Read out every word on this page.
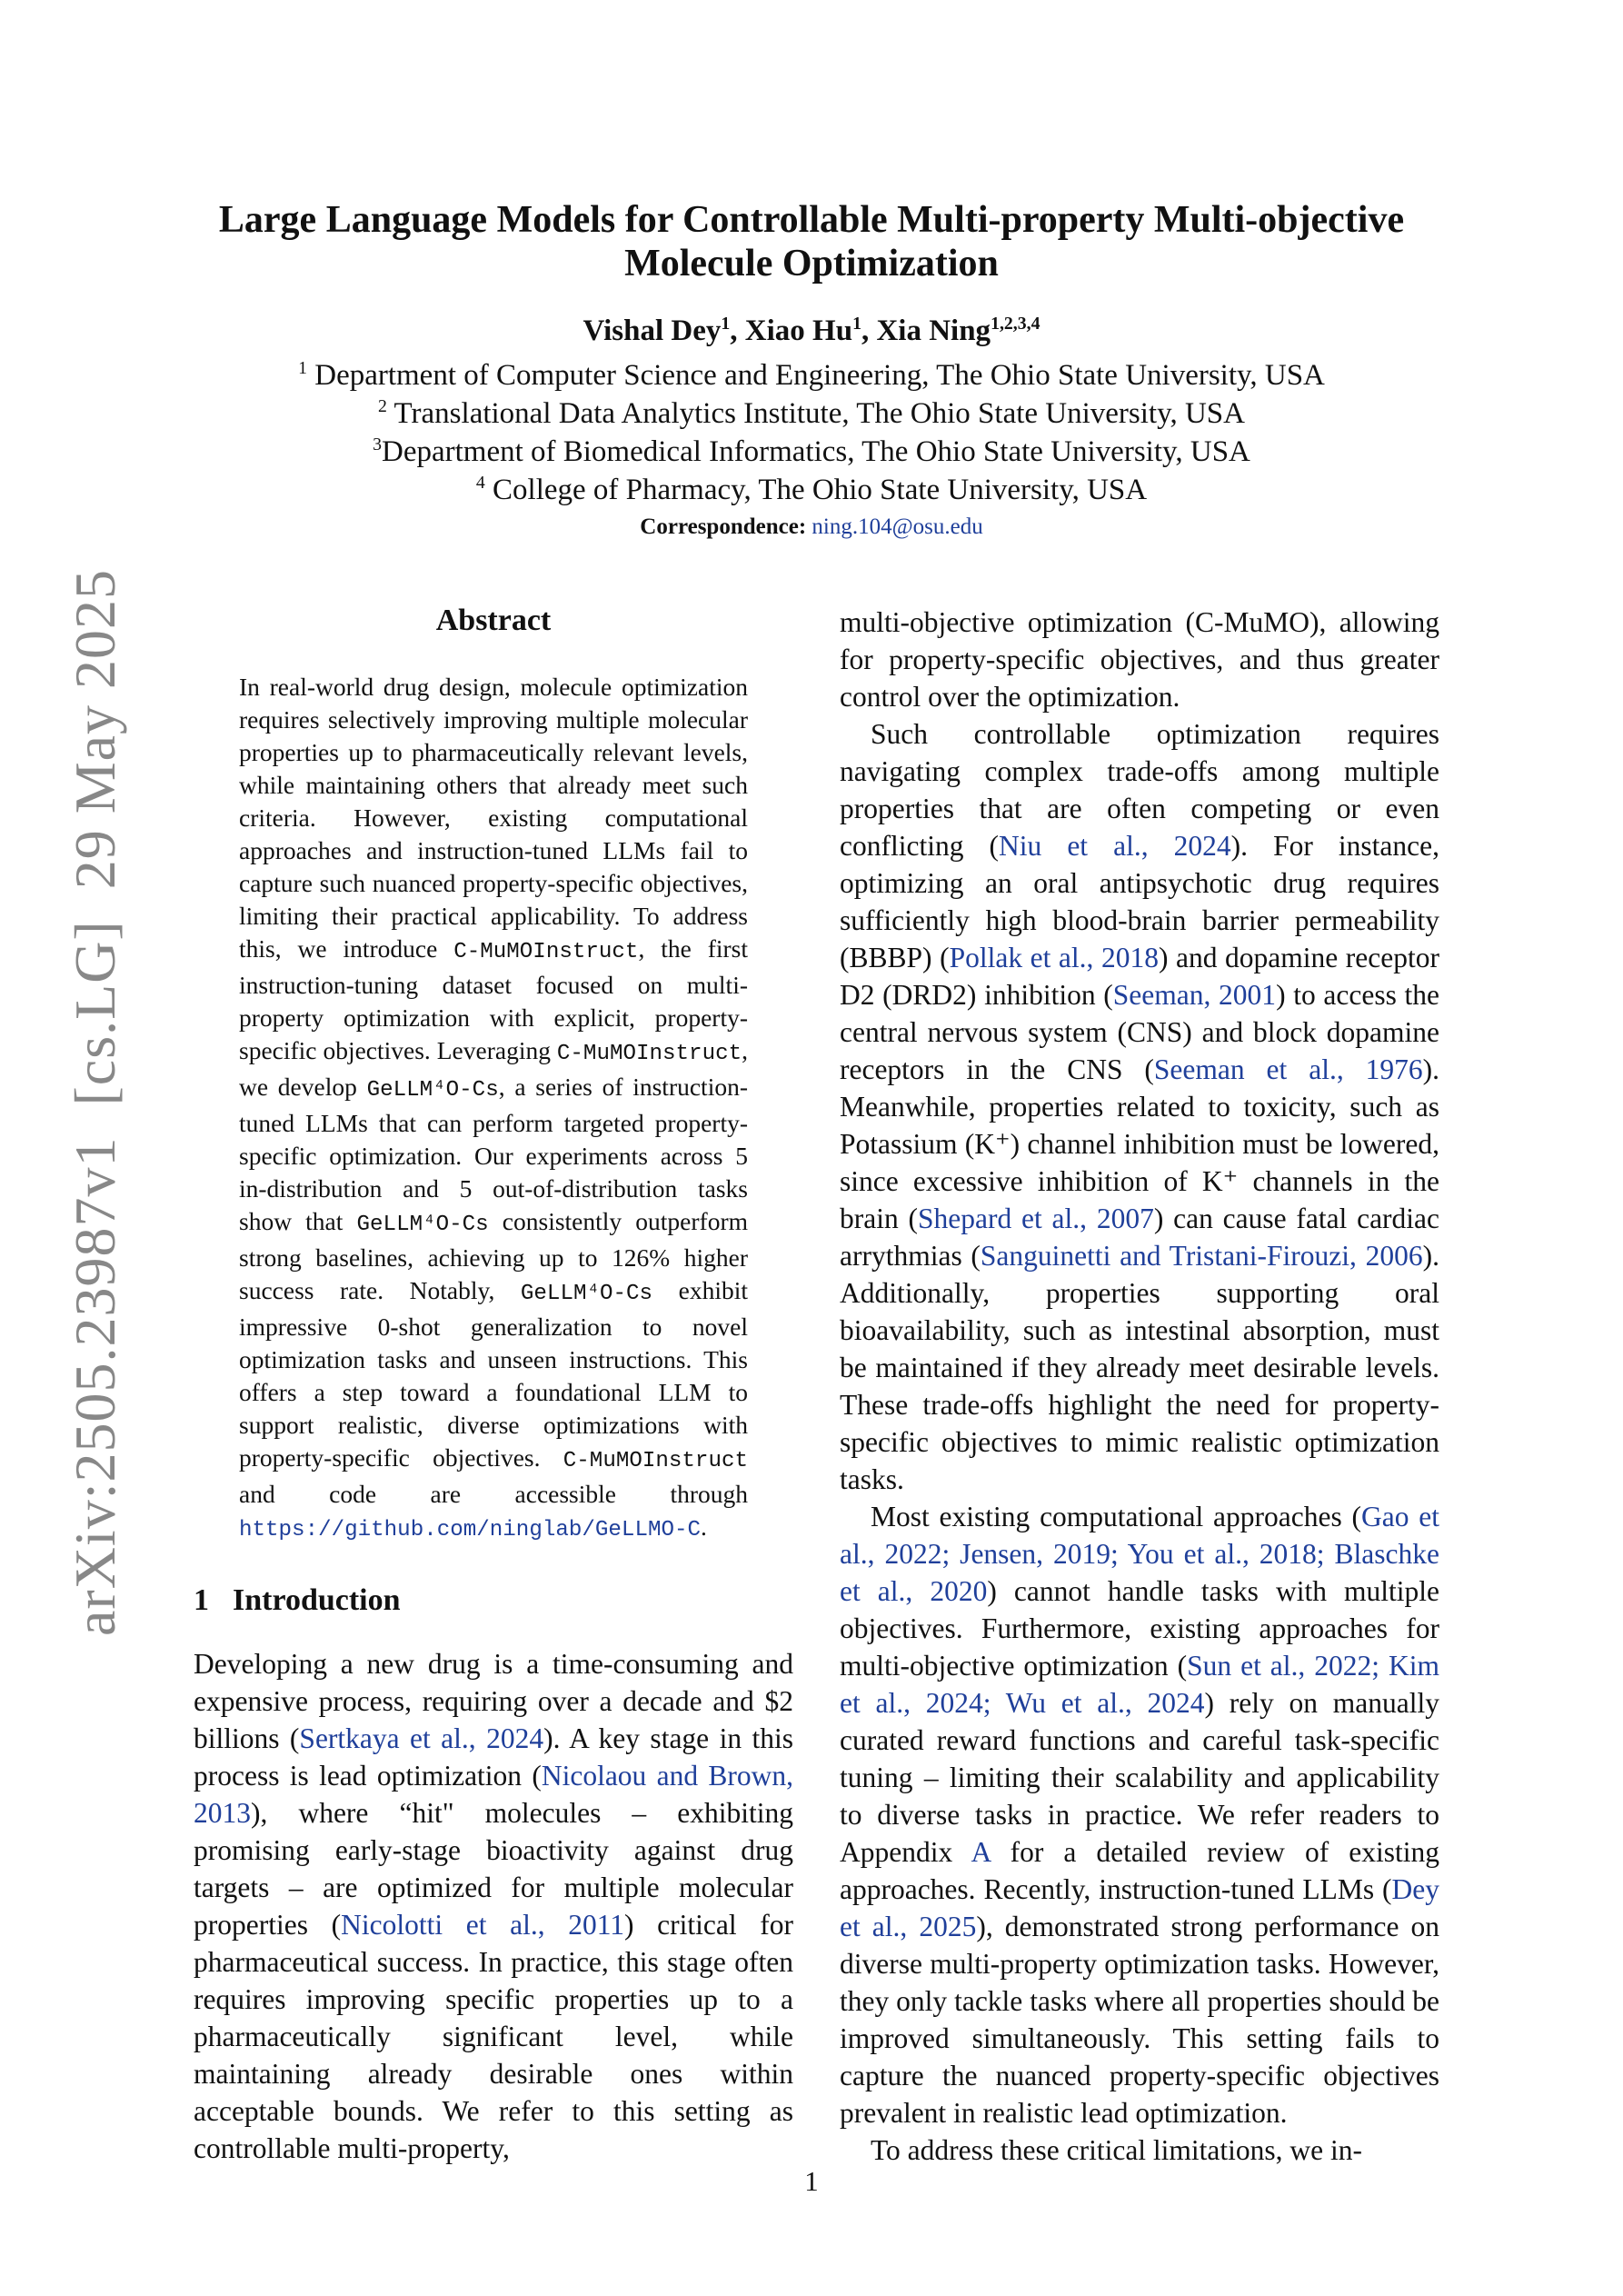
arXiv:2505.23987v1
[cs.LG]
29 May 2025
Large Language Models for Controllable Multi-property Multi-objective
Molecule Optimization
Vishal Dey$^1$, Xiao Hu$^1$, Xia Ning$^{1,2,3,4}$
$^1$ Department of Computer Science and Engineering, The Ohio State University, USA
$^2$ Translational Data Analytics Institute, The Ohio State University, USA
$^3$Department of Biomedical Informatics, The Ohio State University, USA
$^4$ College of Pharmacy, The Ohio State University, USA
Correspondence: ning.104@osu.edu
Abstract

In real-world drug design, molecule optimization requires selectively improving multiple molecular properties up to pharmaceutically relevant levels, while maintaining others that already meet such criteria. However, existing computational approaches and instruction-tuned LLMs fail to capture such nuanced property-specific objectives, limiting their practical applicability. To address this, we introduce C-MuMOInstruct, the first instruction-tuning dataset focused on multi-property optimization with explicit, property-specific objectives. Leveraging C-MuMOInstruct, we develop GeLLM⁴O-Cs, a series of instruction-tuned LLMs that can perform targeted property-specific optimization. Our experiments across 5 in-distribution and 5 out-of-distribution tasks show that GeLLM⁴O-Cs consistently outperform strong baselines, achieving up to 126% higher success rate. Notably, GeLLM⁴O-Cs exhibit impressive 0-shot generalization to novel optimization tasks and unseen instructions. This offers a step toward a foundational LLM to support realistic, diverse optimizations with property-specific objectives. C-MuMOInstruct and code are accessible through https://github.com/ninglab/GeLLMO-C.

1 Introduction

Developing a new drug is a time-consuming and expensive process, requiring over a decade and $2 billions (Sertkaya et al., 2024). A key stage in this process is lead optimization (Nicolaou and Brown, 2013), where “hit" molecules – exhibiting promising early-stage bioactivity against drug targets – are optimized for multiple molecular properties (Nicolotti et al., 2011) critical for pharmaceutical success. In practice, this stage often requires improving specific properties up to a pharmaceutically significant level, while maintaining already desirable ones within acceptable bounds. We refer to this setting as controllable multi-property,

multi-objective optimization (C-MuMO), allowing for property-specific objectives, and thus greater control over the optimization.

Such controllable optimization requires navigating complex trade-offs among multiple properties that are often competing or even conflicting (Niu et al., 2024). For instance, optimizing an oral antipsychotic drug requires sufficiently high blood-brain barrier permeability (BBBP) (Pollak et al., 2018) and dopamine receptor D2 (DRD2) inhibition (Seeman, 2001) to access the central nervous system (CNS) and block dopamine receptors in the CNS (Seeman et al., 1976). Meanwhile, properties related to toxicity, such as Potassium (K⁺) channel inhibition must be lowered, since excessive inhibition of K⁺ channels in the brain (Shepard et al., 2007) can cause fatal cardiac arrythmias (Sanguinetti and Tristani-Firouzi, 2006). Additionally, properties supporting oral bioavailability, such as intestinal absorption, must be maintained if they already meet desirable levels. These trade-offs highlight the need for property-specific objectives to mimic realistic optimization tasks.

Most existing computational approaches (Gao et al., 2022; Jensen, 2019; You et al., 2018; Blaschke et al., 2020) cannot handle tasks with multiple objectives. Furthermore, existing approaches for multi-objective optimization (Sun et al., 2022; Kim et al., 2024; Wu et al., 2024) rely on manually curated reward functions and careful task-specific tuning – limiting their scalability and applicability to diverse tasks in practice. We refer readers to Appendix A for a detailed review of existing approaches. Recently, instruction-tuned LLMs (Dey et al., 2025), demonstrated strong performance on diverse multi-property optimization tasks. However, they only tackle tasks where all properties should be improved simultaneously. This setting fails to capture the nuanced property-specific objectives prevalent in realistic lead optimization.

To address these critical limitations, we in-

1
